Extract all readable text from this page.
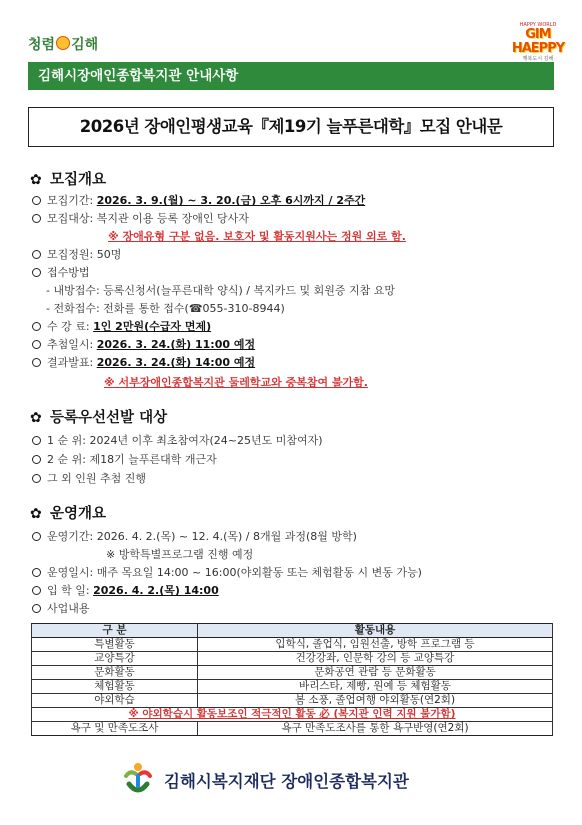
청렴 김해
HAPPY WORLD
GIM HAEPPY
행복도시 김해
김해시장애인종합복지관 안내사항
2026년 장애인평생교육『제19기 늘푸른대학』모집 안내문
✿ 모집개요
모집기간: 2026. 3. 9.(월) ~ 3. 20.(금) 오후 6시까지 / 2주간
모집대상: 복지관 이용 등록 장애인 당사자
※ 장애유형 구분 없음. 보호자 및 활동지원사는 정원 외로 함.
모집정원: 50명
접수방법
- 내방접수: 등록신청서(늘푸른대학 양식) / 복지카드 및 회원증 지참 요망
- 전화접수: 전화를 통한 접수(☎055-310-8944)
수 강 료: 1인 2만원(수급자 면제)
추첨일시: 2026. 3. 24.(화) 11:00 예정
결과발표: 2026. 3. 24.(화) 14:00 예정
※ 서부장애인종합복지관 둘레학교와 중복참여 불가함.
✿ 등록우선선발 대상
1 순 위: 2024년 이후 최초참여자(24~25년도 미참여자)
2 순 위: 제18기 늘푸른대학 개근자
그 외 인원 추첨 진행
✿ 운영개요
운영기간: 2026. 4. 2.(목) ~ 12. 4.(목) / 8개월 과정(8월 방학)
※ 방학특별프로그램 진행 예정
운영일시: 매주 목요일 14:00 ~ 16:00(야외활동 또는 체험활동 시 변동 가능)
입 학 일: 2026. 4. 2.(목) 14:00
사업내용
구 분	활동내용
특별활동	입학식, 졸업식, 임원선출, 방학 프로그램 등
교양특강	건강강좌, 인문학 강의 등 교양특강
문화활동	문화공연 관람 등 문화활동
체험활동	바리스타, 제빵, 원예 등 체험활동
야외학습	봄 소풍, 졸업여행 야외활동(연2회)
※ 야외학습시 활동보조인 적극적인 활동 必 (복지관 인력 지원 불가함)	
욕구 및 만족도조사	욕구 만족도조사를 통한 욕구반영(연2회)
김해시복지재단 장애인종합복지관
